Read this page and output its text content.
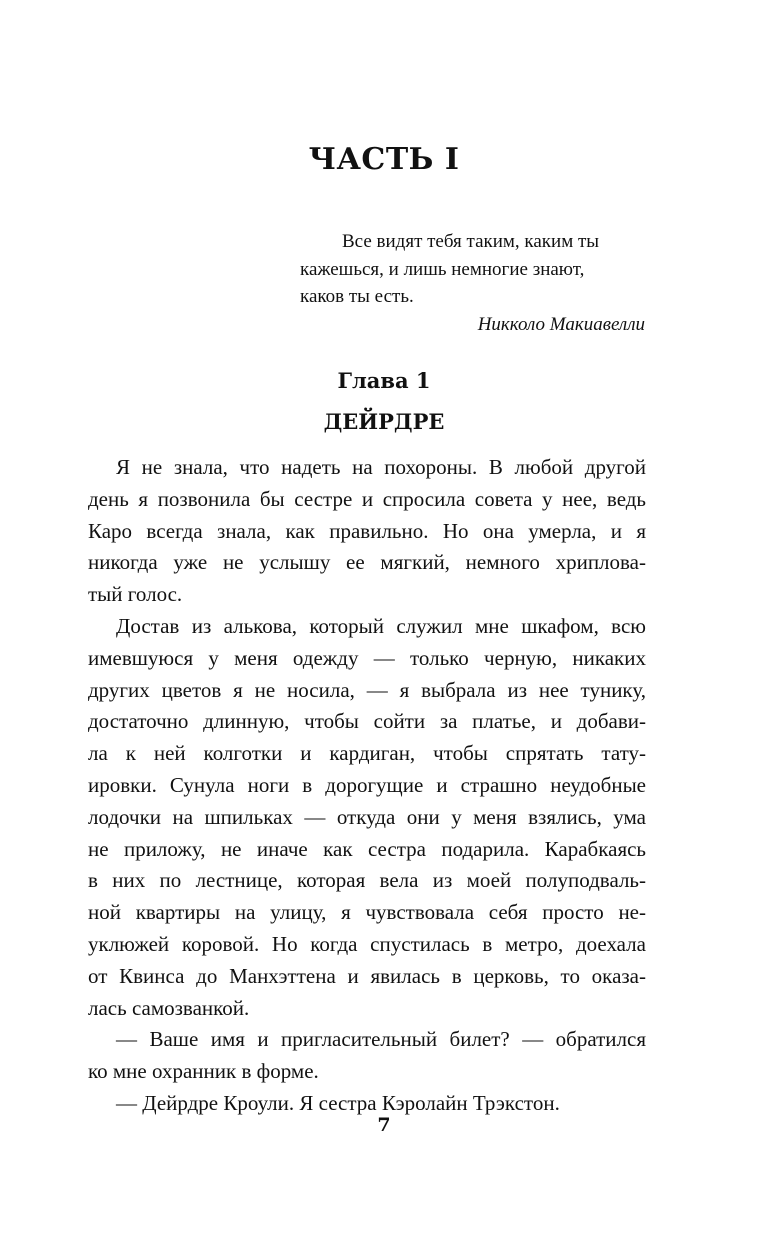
ЧАСТЬ I
Все видят тебя таким, каким ты
кажешься, и лишь немногие знают,
каков ты есть.
Никколо Макиавелли
Глава 1
ДЕЙРДРЕ
Я не знала, что надеть на похороны. В любой другой
день я позвонила бы сестре и спросила совета у нее, ведь
Каро всегда знала, как правильно. Но она умерла, и я
никогда уже не услышу ее мягкий, немного хриплова-
тый голос.
Достав из алькова, который служил мне шкафом, всю
имевшуюся у меня одежду — только черную, никаких
других цветов я не носила, — я выбрала из нее тунику,
достаточно длинную, чтобы сойти за платье, и добави-
ла к ней колготки и кардиган, чтобы спрятать тату-
ировки. Сунула ноги в дорогущие и страшно неудобные
лодочки на шпильках — откуда они у меня взялись, ума
не приложу, не иначе как сестра подарила. Карабкаясь
в них по лестнице, которая вела из моей полуподваль-
ной квартиры на улицу, я чувствовала себя просто не-
уклюжей коровой. Но когда спустилась в метро, доехала
от Квинса до Манхэттена и явилась в церковь, то оказа-
лась самозванкой.
— Ваше имя и пригласительный билет? — обратился
ко мне охранник в форме.
— Дейрдре Кроули. Я сестра Кэролайн Трэкстон.
7
